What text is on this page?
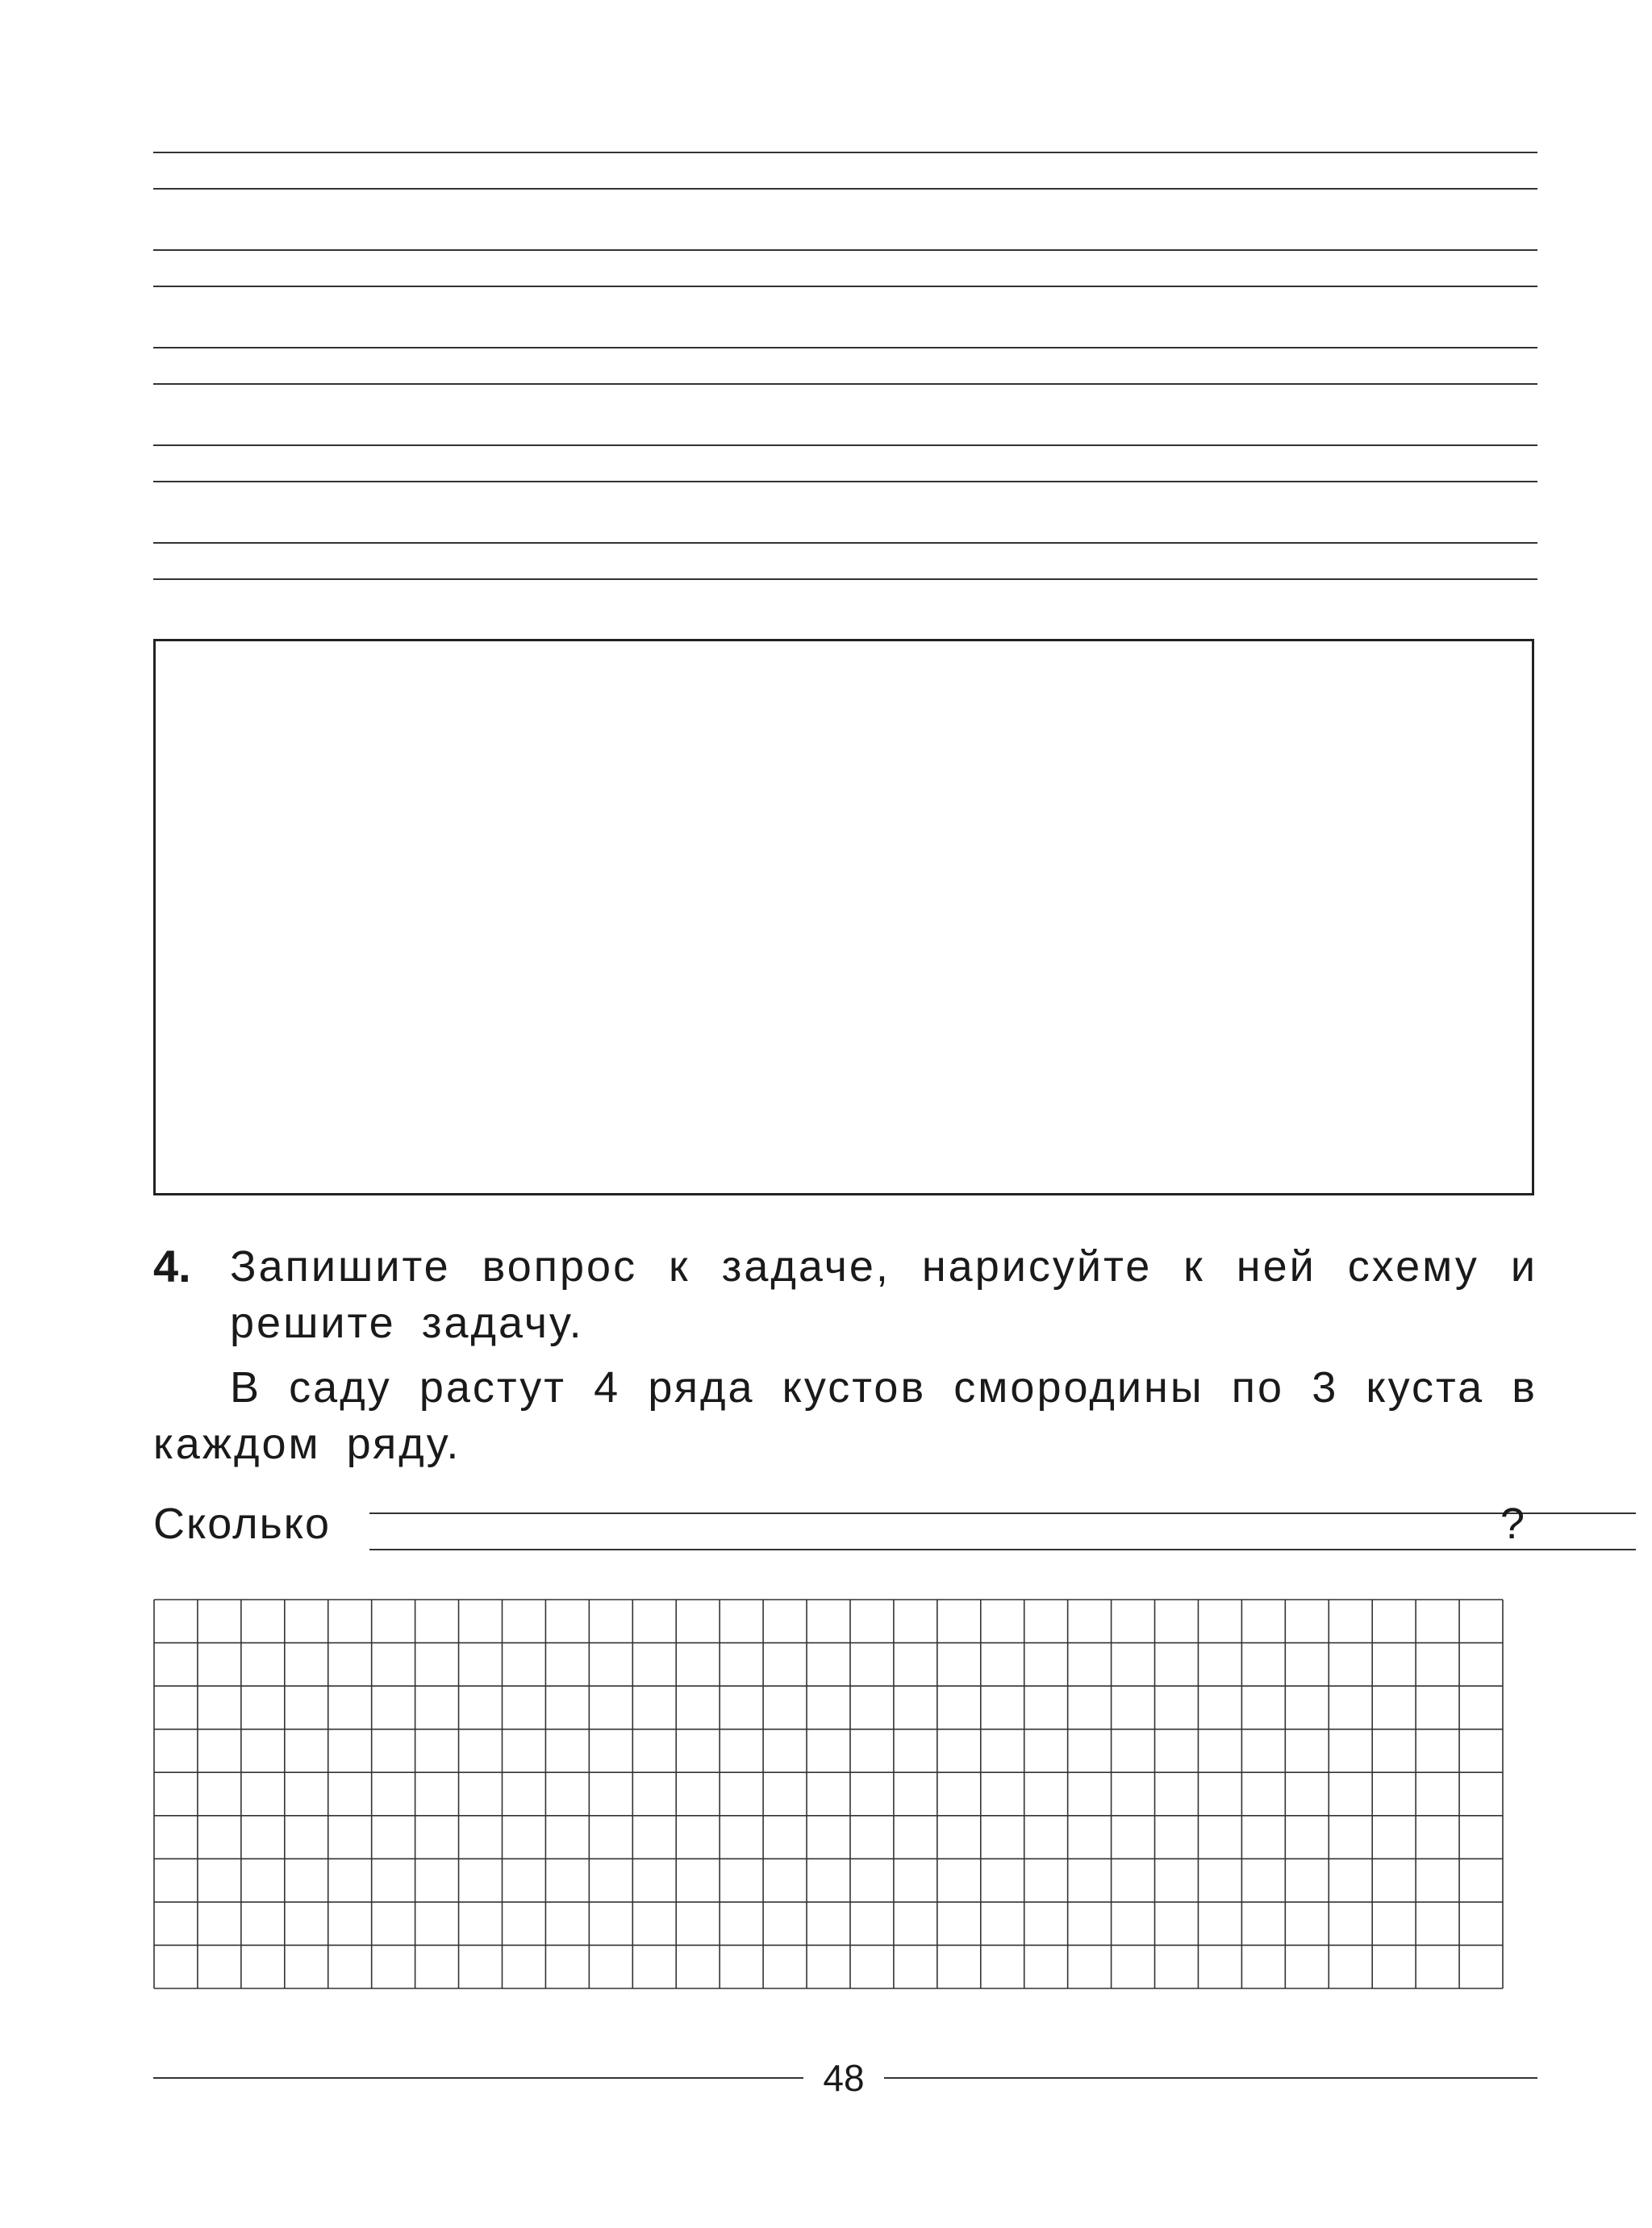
4. Запишите вопрос к задаче, нарисуйте к ней схему и решите задачу.
В саду растут 4 ряда кустов смородины по 3 куста в каждом ряду.
Сколько	?
48
